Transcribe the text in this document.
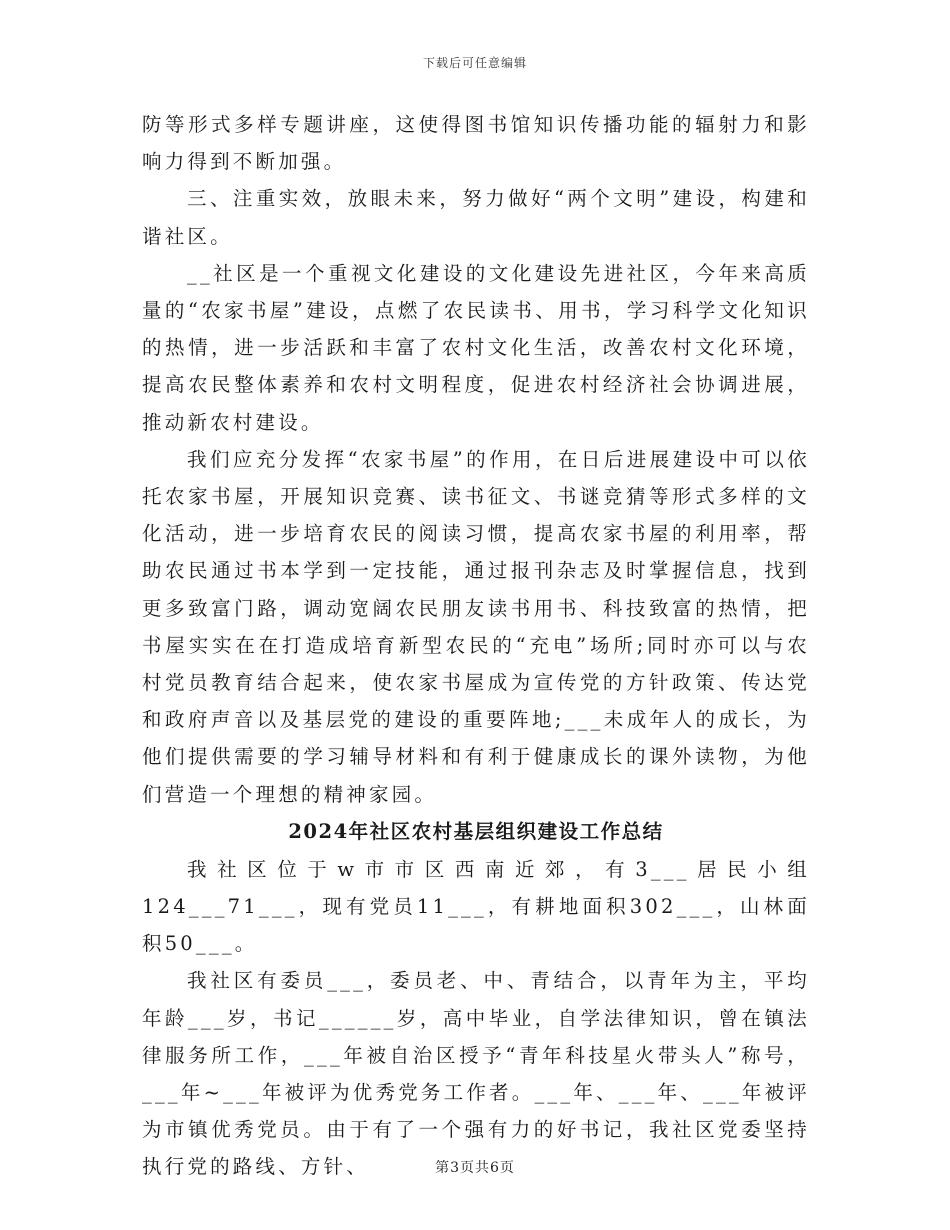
下载后可任意编辑

防等形式多样专题讲座，这使得图书馆知识传播功能的辐射力和影响力得到不断加强。

三、注重实效，放眼未来，努力做好“两个文明”建设，构建和谐社区。

__社区是一个重视文化建设的文化建设先进社区，今年来高质量的“农家书屋”建设，点燃了农民读书、用书，学习科学文化知识的热情，进一步活跃和丰富了农村文化生活，改善农村文化环境，提高农民整体素养和农村文明程度，促进农村经济社会协调进展，推动新农村建设。

我们应充分发挥“农家书屋”的作用，在日后进展建设中可以依托农家书屋，开展知识竞赛、读书征文、书谜竞猜等形式多样的文化活动，进一步培育农民的阅读习惯，提高农家书屋的利用率，帮助农民通过书本学到一定技能，通过报刊杂志及时掌握信息，找到更多致富门路，调动宽阔农民朋友读书用书、科技致富的热情，把书屋实实在在打造成培育新型农民的“充电”场所;同时亦可以与农村党员教育结合起来，使农家书屋成为宣传党的方针政策、传达党和政府声音以及基层党的建设的重要阵地;___未成年人的成长，为他们提供需要的学习辅导材料和有利于健康成长的课外读物，为他们营造一个理想的精神家园。

2024年社区农村基层组织建设工作总结

我社区位于w市市区西南近郊，有3___居民小组124___71___，现有党员11___，有耕地面积302___，山林面积50___。

我社区有委员___，委员老、中、青结合，以青年为主，平均年龄___岁，书记______岁，高中毕业，自学法律知识，曾在镇法律服务所工作，___年被自治区授予“青年科技星火带头人”称号，___年~___年被评为优秀党务工作者。___年、___年、___年被评为市镇优秀党员。由于有了一个强有力的好书记，我社区党委坚持执行党的路线、方针、	第3页共6页
